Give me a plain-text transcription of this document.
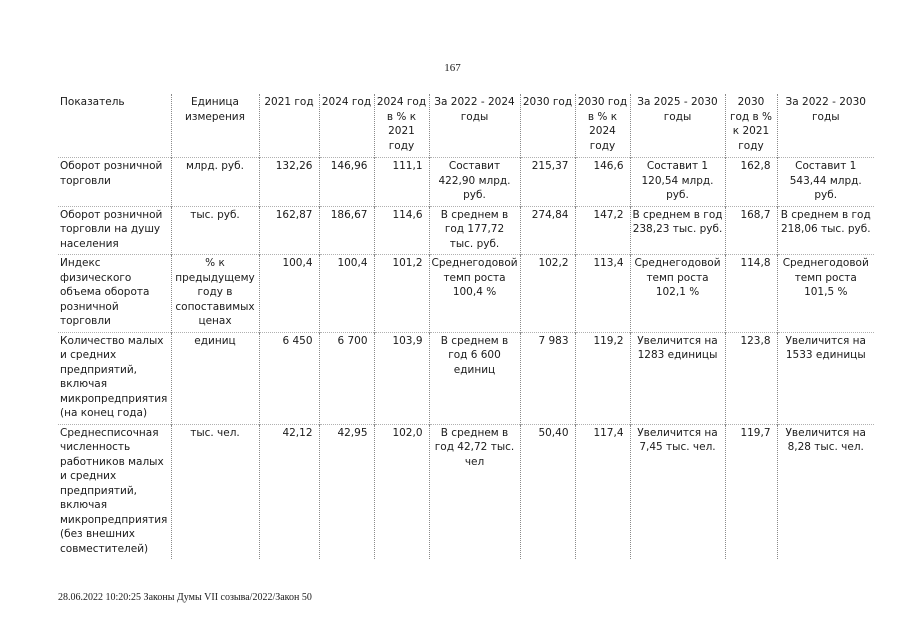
167
Показатель	Единица измерения	2021 год	2024 год	2024 год в % к 2021 году	За 2022 - 2024 годы	2030 год	2030 год в % к 2024 году	За 2025 - 2030 годы	2030 год в % к 2021 году	За 2022 - 2030 годы
Оборот розничной торговли	млрд. руб.	132,26	146,96	111,1	Составит 422,90 млрд. руб.	215,37	146,6	Составит 1 120,54 млрд. руб.	162,8	Составит 1 543,44 млрд. руб.
Оборот розничной торговли на душу населения	тыс. руб.	162,87	186,67	114,6	В среднем в год 177,72 тыс. руб.	274,84	147,2	В среднем в год 238,23 тыс. руб.	168,7	В среднем в год 218,06 тыс. руб.
Индекс физического объема оборота розничной торговли	% к предыдущему году в сопоставимых ценах	100,4	100,4	101,2	Среднегодовой темп роста 100,4 %	102,2	113,4	Среднегодовой темп роста 102,1 %	114,8	Среднегодовой темп роста 101,5 %
Количество малых и средних предприятий, включая микропредприятия (на конец года)	единиц	6 450	6 700	103,9	В среднем в год 6 600 единиц	7 983	119,2	Увеличится на 1283 единицы	123,8	Увеличится на 1533 единицы
Среднесписочная численность работников малых и средних предприятий, включая микропредприятия (без внешних совместителей)	тыс. чел.	42,12	42,95	102,0	В среднем в год 42,72 тыс. чел	50,40	117,4	Увеличится на 7,45 тыс. чел.	119,7	Увеличится на 8,28 тыс. чел.
28.06.2022 10:20:25 Законы Думы VII созыва/2022/Закон 50
